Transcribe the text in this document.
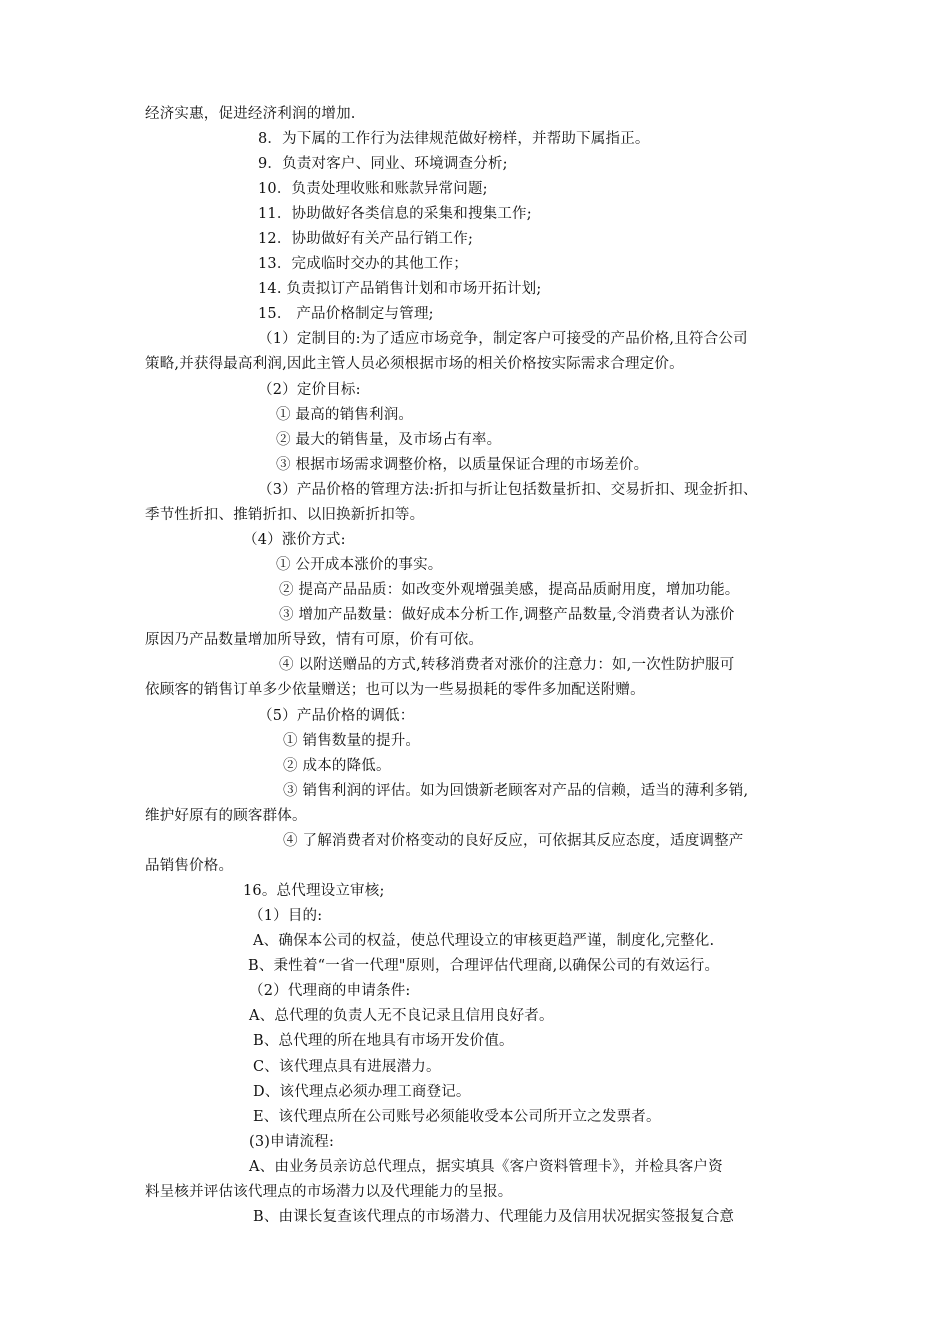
经济实惠，促进经济利润的增加.
8．为下属的工作行为法律规范做好榜样，并帮助下属指正。
9．负责对客户、同业、环境调查分析;
10．负责处理收账和账款异常问题;
11．协助做好各类信息的采集和搜集工作;
12．协助做好有关产品行销工作;
13．完成临时交办的其他工作；
14. 负责拟订产品销售计划和市场开拓计划;
15． 产品价格制定与管理;
（1）定制目的:为了适应市场竞争，制定客户可接受的产品价格,且符合公司
策略,并获得最高利润,因此主管人员必须根据市场的相关价格按实际需求合理定价。
（2）定价目标:
① 最高的销售利润。
② 最大的销售量，及市场占有率。
③ 根据市场需求调整价格，以质量保证合理的市场差价。
（3）产品价格的管理方法:折扣与折让包括数量折扣、交易折扣、现金折扣、
季节性折扣、推销折扣、以旧换新折扣等。
（4）涨价方式:
① 公开成本涨价的事实。
② 提高产品品质：如改变外观增强美感，提高品质耐用度，增加功能。
③ 增加产品数量：做好成本分析工作,调整产品数量,令消费者认为涨价
原因乃产品数量增加所导致，情有可原，价有可依。
④ 以附送赠品的方式,转移消费者对涨价的注意力：如,一次性防护服可
依顾客的销售订单多少依量赠送；也可以为一些易损耗的零件多加配送附赠。
（5）产品价格的调低：
① 销售数量的提升。
② 成本的降低。
③ 销售利润的评估。如为回馈新老顾客对产品的信赖，适当的薄利多销,
维护好原有的顾客群体。
④ 了解消费者对价格变动的良好反应，可依据其反应态度，适度调整产
品销售价格。
16。总代理设立审核;
（1）目的:
A、确保本公司的权益，使总代理设立的审核更趋严谨，制度化,完整化.
B、秉性着“一省一代理"原则，合理评估代理商,以确保公司的有效运行。
（2）代理商的申请条件:
A、总代理的负责人无不良记录且信用良好者。
B、总代理的所在地具有市场开发价值。
C、该代理点具有进展潜力。
D、该代理点必须办理工商登记。
E、该代理点所在公司账号必须能收受本公司所开立之发票者。
(3)申请流程:
A、由业务员亲访总代理点，据实填具《客户资料管理卡》，并检具客户资
料呈核并评估该代理点的市场潜力以及代理能力的呈报。
B、由课长复查该代理点的市场潜力、代理能力及信用状况据实签报复合意
